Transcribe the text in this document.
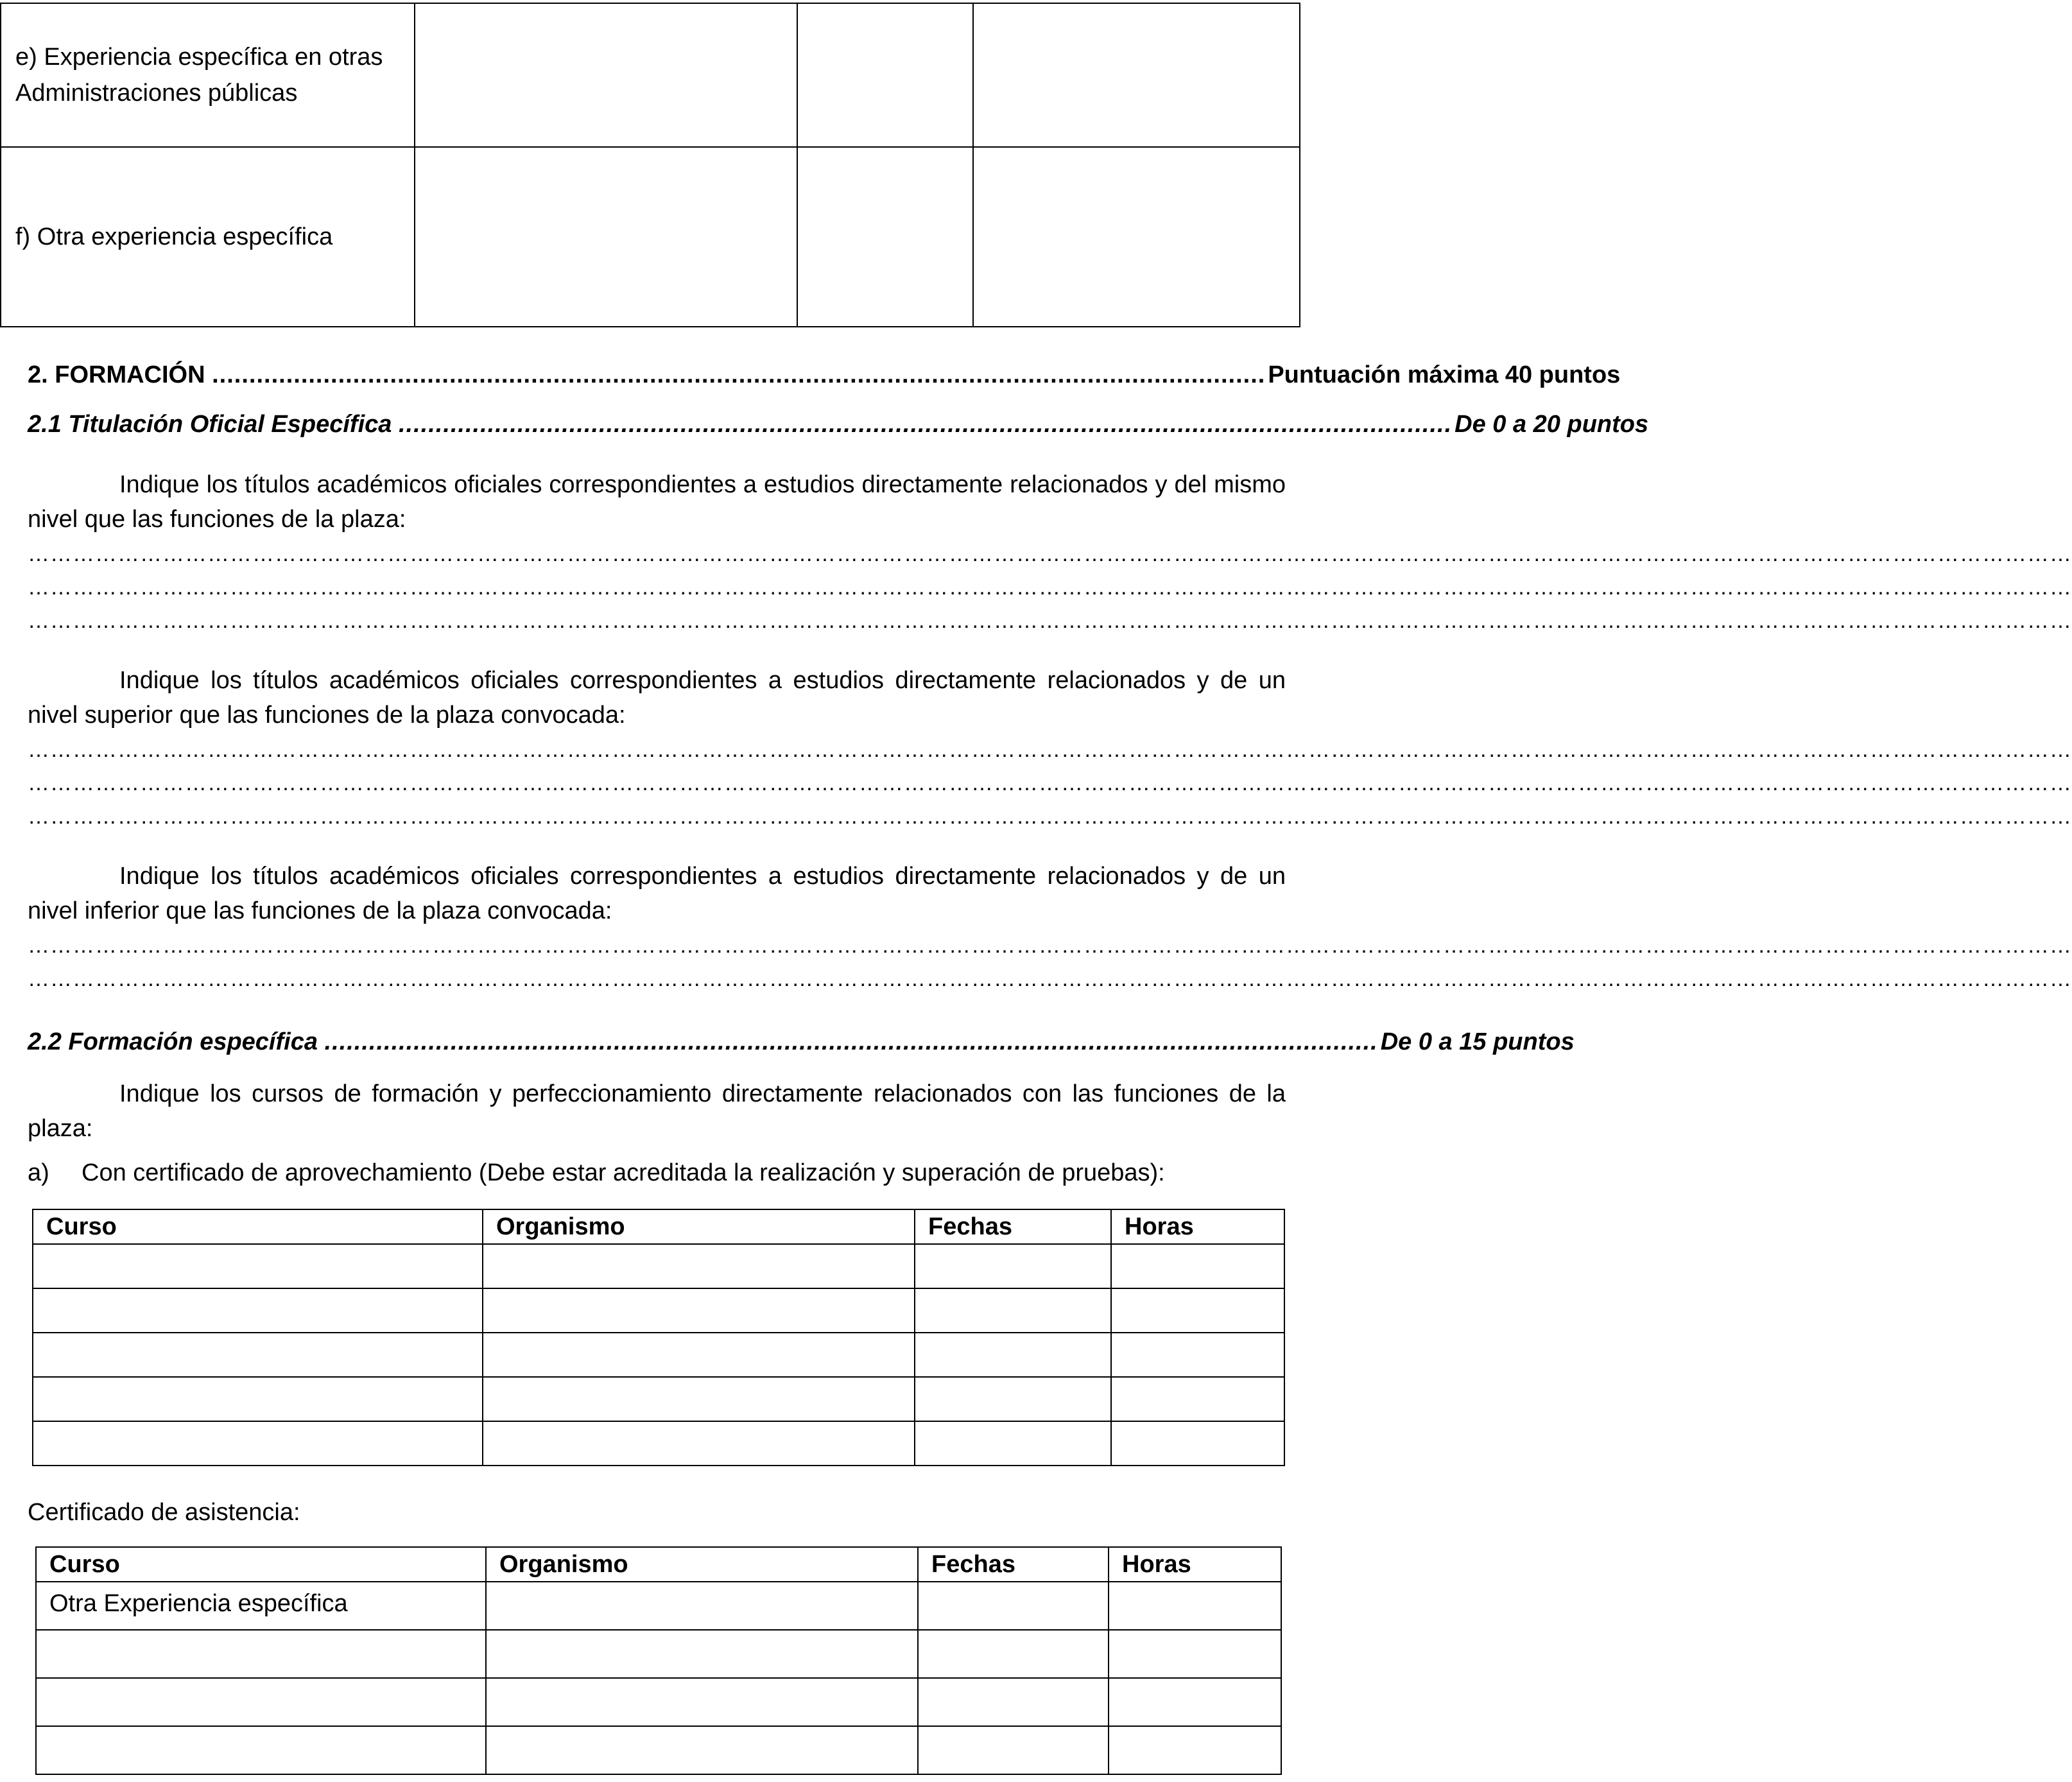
e) Experiencia específica en otras Administraciones públicas			
f) Otra experiencia específica			
2. FORMACIÓN .............................................................................................................................................. Puntuación máxima 40 puntos
2.1 Titulación Oficial Específica .............................................................................................................................................. De 0 a 20 puntos
Indique los títulos académicos oficiales correspondientes a estudios directamente relacionados y del mismo nivel que las funciones de la plaza:
…………………………………………………………………………………………………………………………………………………………………………………………………………………………………………………
…………………………………………………………………………………………………………………………………………………………………………………………………………………………………………………
…………………………………………………………………………………………………………………………………………………………………………………………………………………………………………………
Indique los títulos académicos oficiales correspondientes a estudios directamente relacionados y de un nivel superior que las funciones de la plaza convocada:
…………………………………………………………………………………………………………………………………………………………………………………………………………………………………………………
…………………………………………………………………………………………………………………………………………………………………………………………………………………………………………………
…………………………………………………………………………………………………………………………………………………………………………………………………………………………………………………
Indique los títulos académicos oficiales correspondientes a estudios directamente relacionados y de un nivel inferior que las funciones de la plaza convocada:
…………………………………………………………………………………………………………………………………………………………………………………………………………………………………………………
…………………………………………………………………………………………………………………………………………………………………………………………………………………………………………………
2.2 Formación específica .............................................................................................................................................. De 0 a 15 puntos
Indique los cursos de formación y perfeccionamiento directamente relacionados con las funciones de la plaza:
a) Con certificado de aprovechamiento (Debe estar acreditada la realización y superación de pruebas):
Curso	Organismo	Fechas	Horas

Certificado de asistencia:
Curso	Organismo	Fechas	Horas
Otra Experiencia específica			
